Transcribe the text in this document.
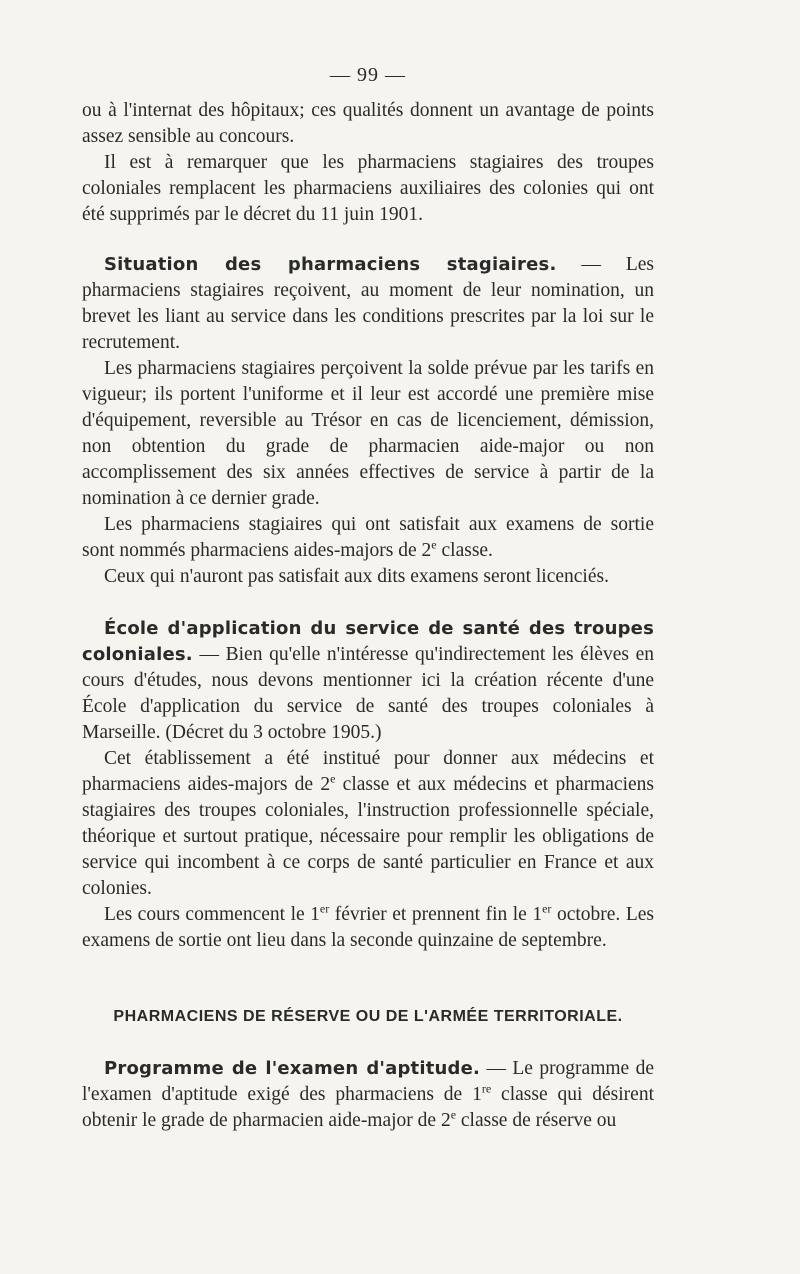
— 99 —

ou à l'internat des hôpitaux; ces qualités donnent un avantage de points assez sensible au concours.

Il est à remarquer que les pharmaciens stagiaires des troupes coloniales remplacent les pharmaciens auxiliaires des colonies qui ont été supprimés par le décret du 11 juin 1901.

Situation des pharmaciens stagiaires. — Les pharmaciens stagiaires reçoivent, au moment de leur nomination, un brevet les liant au service dans les conditions prescrites par la loi sur le recrutement.

Les pharmaciens stagiaires perçoivent la solde prévue par les tarifs en vigueur; ils portent l'uniforme et il leur est accordé une première mise d'équipement, reversible au Trésor en cas de licenciement, démission, non obtention du grade de pharmacien aide-major ou non accomplissement des six années effectives de service à partir de la nomination à ce dernier grade.

Les pharmaciens stagiaires qui ont satisfait aux examens de sortie sont nommés pharmaciens aides-majors de 2e classe.

Ceux qui n'auront pas satisfait aux dits examens seront licenciés.

École d'application du service de santé des troupes coloniales. — Bien qu'elle n'intéresse qu'indirectement les élèves en cours d'études, nous devons mentionner ici la création récente d'une École d'application du service de santé des troupes coloniales à Marseille. (Décret du 3 octobre 1905.)

Cet établissement a été institué pour donner aux médecins et pharmaciens aides-majors de 2e classe et aux médecins et pharmaciens stagiaires des troupes coloniales, l'instruction professionnelle spéciale, théorique et surtout pratique, nécessaire pour remplir les obligations de service qui incombent à ce corps de santé particulier en France et aux colonies.

Les cours commencent le 1er février et prennent fin le 1er octobre. Les examens de sortie ont lieu dans la seconde quinzaine de septembre.

PHARMACIENS DE RÉSERVE OU DE L'ARMÉE TERRITORIALE.

Programme de l'examen d'aptitude. — Le programme de l'examen d'aptitude exigé des pharmaciens de 1re classe qui désirent obtenir le grade de pharmacien aide-major de 2e classe de réserve ou
